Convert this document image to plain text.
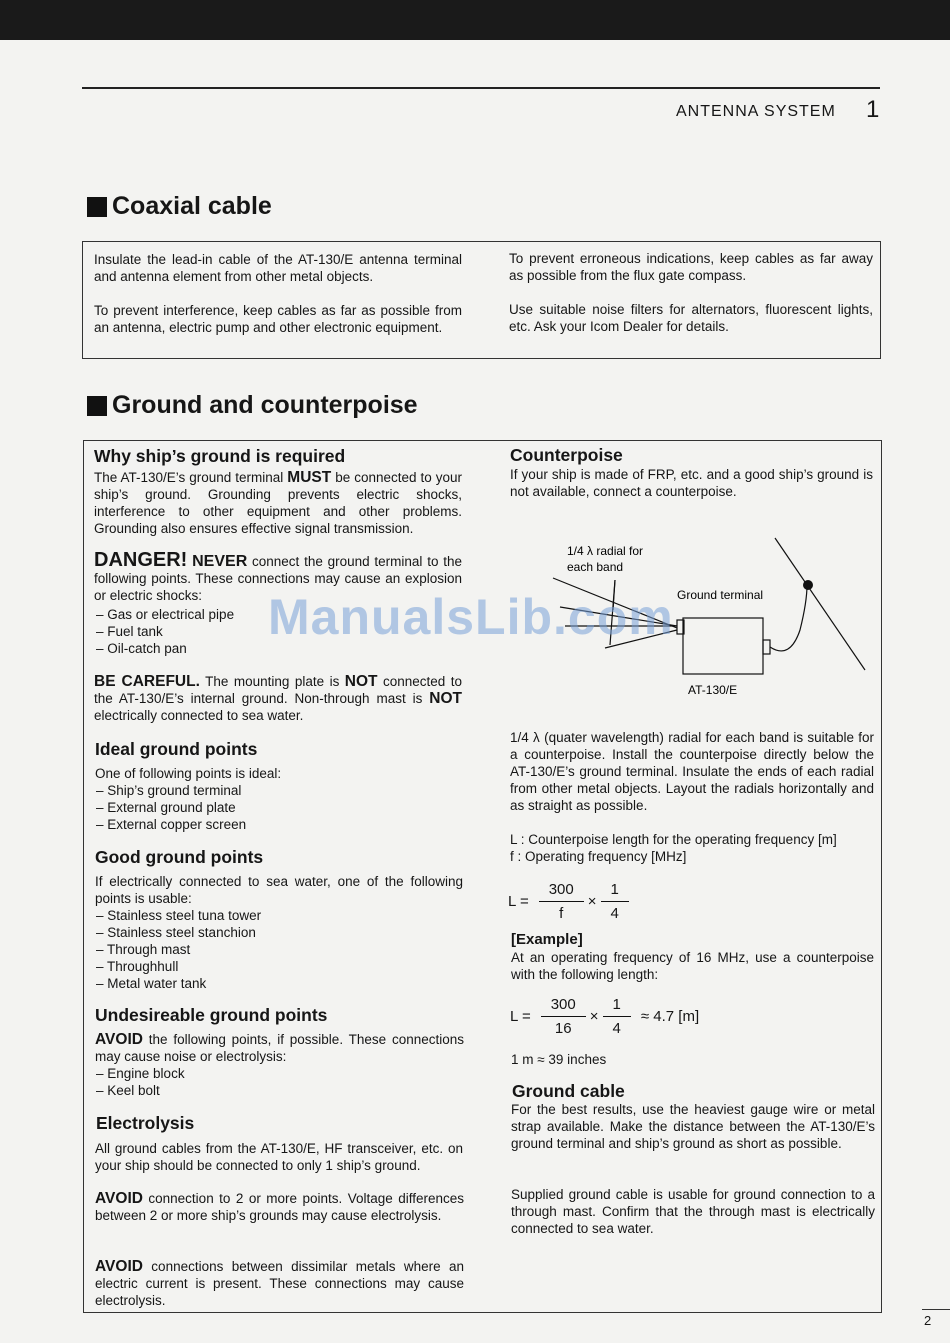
ANTENNA SYSTEM 1
Coaxial cable

Insulate the lead-in cable of the AT-130/E antenna terminal and antenna element from other metal objects.

To prevent interference, keep cables as far as possible from an antenna, electric pump and other electronic equipment.

To prevent erroneous indications, keep cables as far away as possible from the flux gate compass.

Use suitable noise filters for alternators, fluorescent lights, etc. Ask your Icom Dealer for details.

Ground and counterpoise
Why ship’s ground is required

The AT-130/E’s ground terminal MUST be connected to your ship’s ground. Grounding prevents electric shocks, interference to other equipment and other problems. Grounding also ensures effective signal transmission.

DANGER! NEVER connect the ground terminal to the following points. These connections may cause an explosion or electric shocks:

– Gas or electrical pipe
– Fuel tank
– Oil-catch pan

BE CAREFUL. The mounting plate is NOT connected to the AT-130/E’s internal ground. Non-through mast is NOT electrically connected to sea water.

Ideal ground points

One of following points is ideal:

– Ship’s ground terminal
– External ground plate
– External copper screen
Good ground points

If electrically connected to sea water, one of the following points is usable:

– Stainless steel tuna tower
– Stainless steel stanchion
– Through mast
– Throughhull
– Metal water tank
Undesireable ground points

AVOID the following points, if possible. These connections may cause noise or electrolysis:

– Engine block
– Keel bolt
Electrolysis

All ground cables from the AT-130/E, HF transceiver, etc. on your ship should be connected to only 1 ship’s ground.

AVOID connection to 2 or more points. Voltage differences between 2 or more ship’s grounds may cause electrolysis.

AVOID connections between dissimilar metals where an electric current is present. These connections may cause electrolysis.

Counterpoise

If your ship is made of FRP, etc. and a good ship’s ground is not available, connect a counterpoise.

1/4 λ radial for
each band
Ground terminal
AT-130/E

1/4 λ (quater wavelength) radial for each band is suitable for a counterpoise. Install the counterpoise directly below the AT-130/E’s ground terminal. Insulate the ends of each radial from other metal objects. Layout the radials horizontally and as straight as possible.

L : Counterpoise length for the operating frequency [m]

f : Operating frequency [MHz]

$L = \frac{300}{f} \times \frac{1}{4}$
[Example]

At an operating frequency of 16 MHz, use a counterpoise with the following length:

$L = \frac{300}{16} \times \frac{1}{4} \approx 4.7$ [m]

1 m ≈ 39 inches

Ground cable

For the best results, use the heaviest gauge wire or metal strap available. Make the distance between the AT-130/E’s ground terminal and ship’s ground as short as possible.

Supplied ground cable is usable for ground connection to a through mast. Confirm that the through mast is electrically connected to sea water.

ManualsLib.com
2
